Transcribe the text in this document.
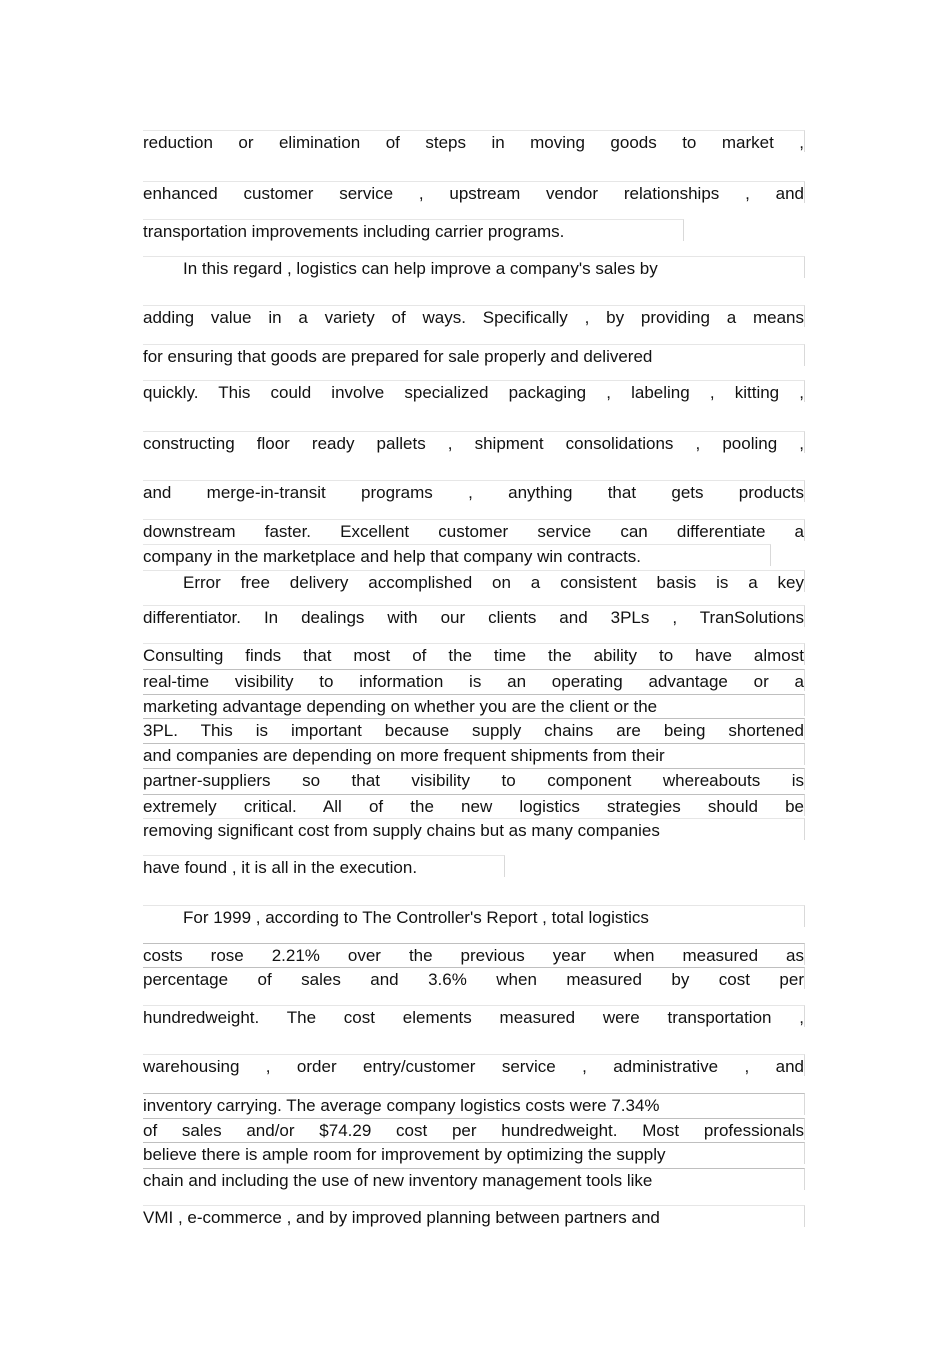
reduction or elimination of steps in moving goods to market ,
enhanced customer service , upstream vendor relationships , and
transportation improvements including carrier programs.
In this regard , logistics can help improve a company's sales by
adding value in a variety of ways. Specifically , by providing a means
for ensuring that goods are prepared for sale properly and delivered
quickly. This could involve specialized packaging , labeling , kitting ,
constructing floor ready pallets , shipment consolidations , pooling ,
and merge-in-transit programs , anything that gets products
downstream faster. Excellent customer service can differentiate a
company in the marketplace and help that company win contracts.
Error free delivery accomplished on a consistent basis is a key
differentiator. In dealings with our clients and 3PLs , TranSolutions
Consulting finds that most of the time the ability to have almost
real-time visibility to information is an operating advantage or a
marketing advantage depending on whether you are the client or the
3PL. This is important because supply chains are being shortened
and companies are depending on more frequent shipments from their
partner-suppliers so that visibility to component whereabouts is
extremely critical. All of the new logistics strategies should be
removing significant cost from supply chains but as many companies
have found , it is all in the execution.
For 1999 , according to The Controller's Report , total logistics
costs rose 2.21% over the previous year when measured as
percentage of sales and 3.6% when measured by cost per
hundredweight. The cost elements measured were transportation ,
warehousing , order entry/customer service , administrative , and
inventory carrying. The average company logistics costs were 7.34%
of sales and/or $74.29 cost per hundredweight. Most professionals
believe there is ample room for improvement by optimizing the supply
chain and including the use of new inventory management tools like
VMI , e-commerce , and by improved planning between partners and
